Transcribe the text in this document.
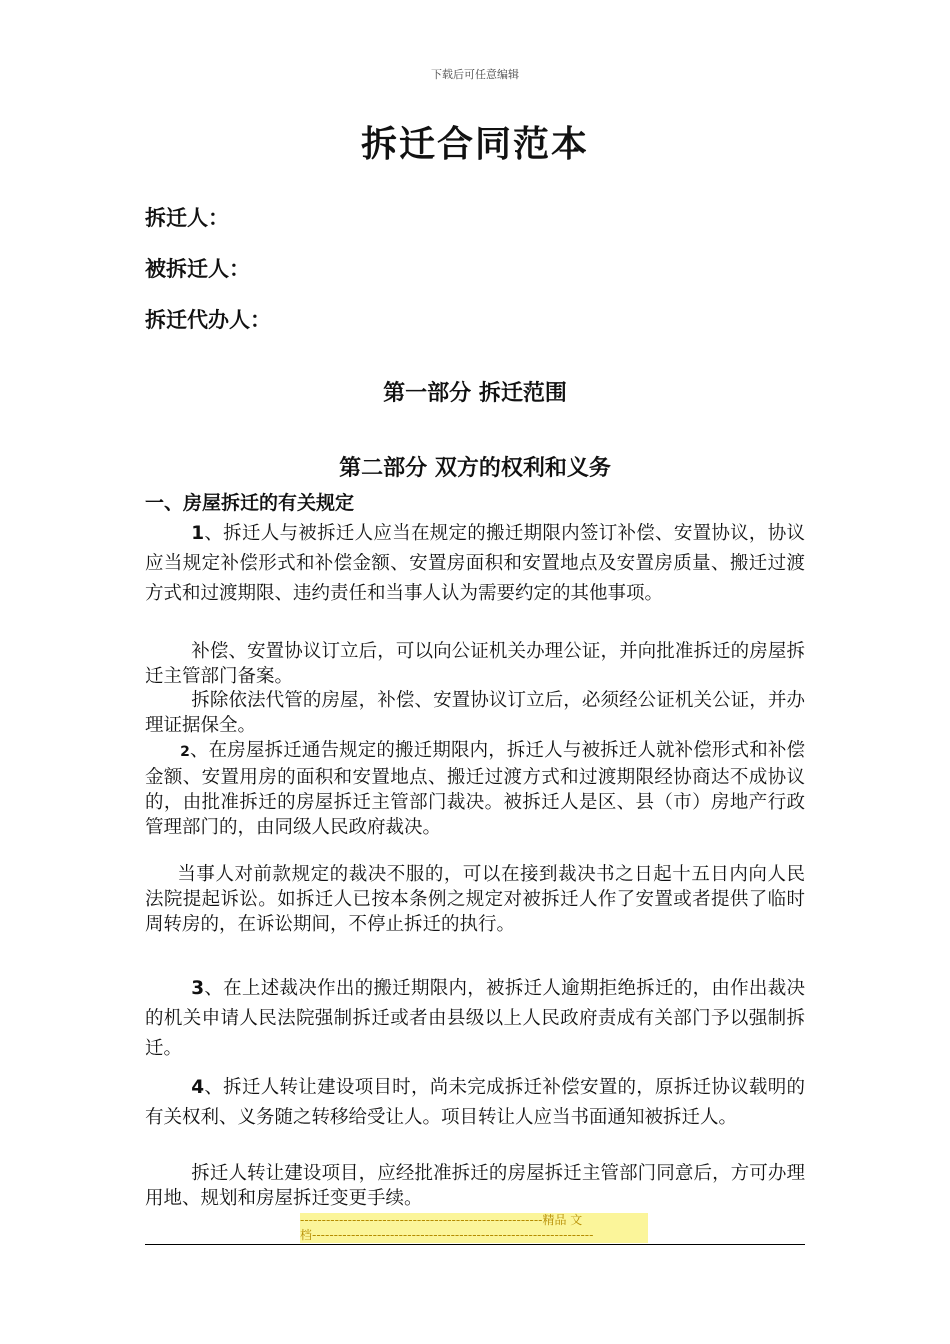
下载后可任意编辑
拆迁合同范本
拆迁人：
被拆迁人：
拆迁代办人：
第一部分 拆迁范围
第二部分 双方的权利和义务
一、房屋拆迁的有关规定
1、拆迁人与被拆迁人应当在规定的搬迁期限内签订补偿、安置协议，协议应当规定补偿形式和补偿金额、安置房面积和安置地点及安置房质量、搬迁过渡方式和过渡期限、违约责任和当事人认为需要约定的其他事项。
补偿、安置协议订立后，可以向公证机关办理公证，并向批准拆迁的房屋拆迁主管部门备案。
拆除依法代管的房屋，补偿、安置协议订立后，必须经公证机关公证，并办理证据保全。
2、在房屋拆迁通告规定的搬迁期限内，拆迁人与被拆迁人就补偿形式和补偿金额、安置用房的面积和安置地点、搬迁过渡方式和过渡期限经协商达不成协议的，由批准拆迁的房屋拆迁主管部门裁决。被拆迁人是区、县（市）房地产行政管理部门的，由同级人民政府裁决。
当事人对前款规定的裁决不服的，可以在接到裁决书之日起十五日内向人民法院提起诉讼。如拆迁人已按本条例之规定对被拆迁人作了安置或者提供了临时周转房的，在诉讼期间，不停止拆迁的执行。
3、在上述裁决作出的搬迁期限内，被拆迁人逾期拒绝拆迁的，由作出裁决的机关申请人民法院强制拆迁或者由县级以上人民政府责成有关部门予以强制拆迁。
4、拆迁人转让建设项目时，尚未完成拆迁补偿安置的，原拆迁协议载明的有关权利、义务随之转移给受让人。项目转让人应当书面通知被拆迁人。
拆迁人转让建设项目，应经批准拆迁的房屋拆迁主管部门同意后，方可办理用地、规划和房屋拆迁变更手续。
--------------------------------------------------------精品 文
档-----------------------------------------------------------------
